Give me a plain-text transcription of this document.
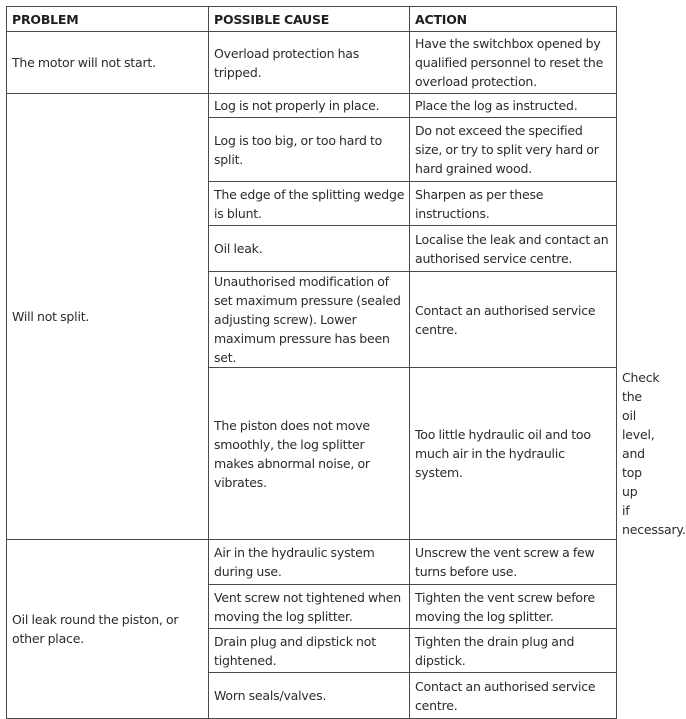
PROBLEM	POSSIBLE CAUSE	ACTION	
The motor will not start.	Overload protection has tripped.	Have the switchbox opened by qualified personnel to reset the overload protection.	
Will not split.	Log is not properly in place.	Place the log as instructed.	
	Log is too big, or too hard to split.	Do not exceed the specified size, or try to split very hard or hard grained wood.	
	The edge of the splitting wedge is blunt.	Sharpen as per these instructions.	
	Oil leak.	Localise the leak and contact an authorised service centre.	
	Unauthorised modification of set maximum pressure (sealed adjusting screw). Lower maximum pressure has been set.	Contact an authorised service centre.	
	The piston does not move smoothly, the log splitter makes abnormal noise, or vibrates.	Too little hydraulic oil and too much air in the hydraulic system.	Check the oil level, and top up if necessary.
Oil leak round the piston, or other place.	Air in the hydraulic system during use.	Unscrew the vent screw a few turns before use.	
	Vent screw not tightened when moving the log splitter.	Tighten the vent screw before moving the log splitter.	
	Drain plug and dipstick not tightened.	Tighten the drain plug and dipstick.	
	Worn seals/valves.	Contact an authorised service centre.	
